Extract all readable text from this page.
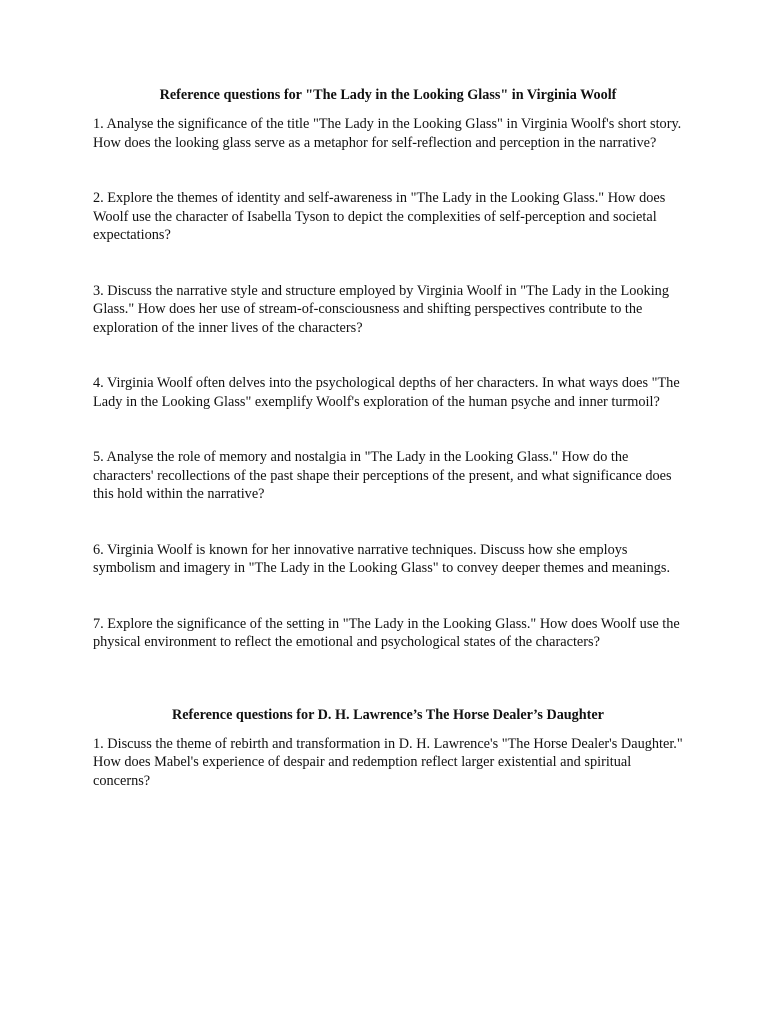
Reference questions for "The Lady in the Looking Glass" in Virginia Woolf

1. Analyse the significance of the title "The Lady in the Looking Glass" in Virginia Woolf's short story. How does the looking glass serve as a metaphor for self-reflection and perception in the narrative?

2. Explore the themes of identity and self-awareness in "The Lady in the Looking Glass." How does Woolf use the character of Isabella Tyson to depict the complexities of self-perception and societal expectations?

3. Discuss the narrative style and structure employed by Virginia Woolf in "The Lady in the Looking Glass." How does her use of stream-of-consciousness and shifting perspectives contribute to the exploration of the inner lives of the characters?

4. Virginia Woolf often delves into the psychological depths of her characters. In what ways does "The Lady in the Looking Glass" exemplify Woolf's exploration of the human psyche and inner turmoil?

5. Analyse the role of memory and nostalgia in "The Lady in the Looking Glass." How do the characters' recollections of the past shape their perceptions of the present, and what significance does this hold within the narrative?

6. Virginia Woolf is known for her innovative narrative techniques. Discuss how she employs symbolism and imagery in "The Lady in the Looking Glass" to convey deeper themes and meanings.

7. Explore the significance of the setting in "The Lady in the Looking Glass." How does Woolf use the physical environment to reflect the emotional and psychological states of the characters?

Reference questions for D. H. Lawrence’s The Horse Dealer’s Daughter

1. Discuss the theme of rebirth and transformation in D. H. Lawrence's "The Horse Dealer's Daughter." How does Mabel's experience of despair and redemption reflect larger existential and spiritual concerns?
